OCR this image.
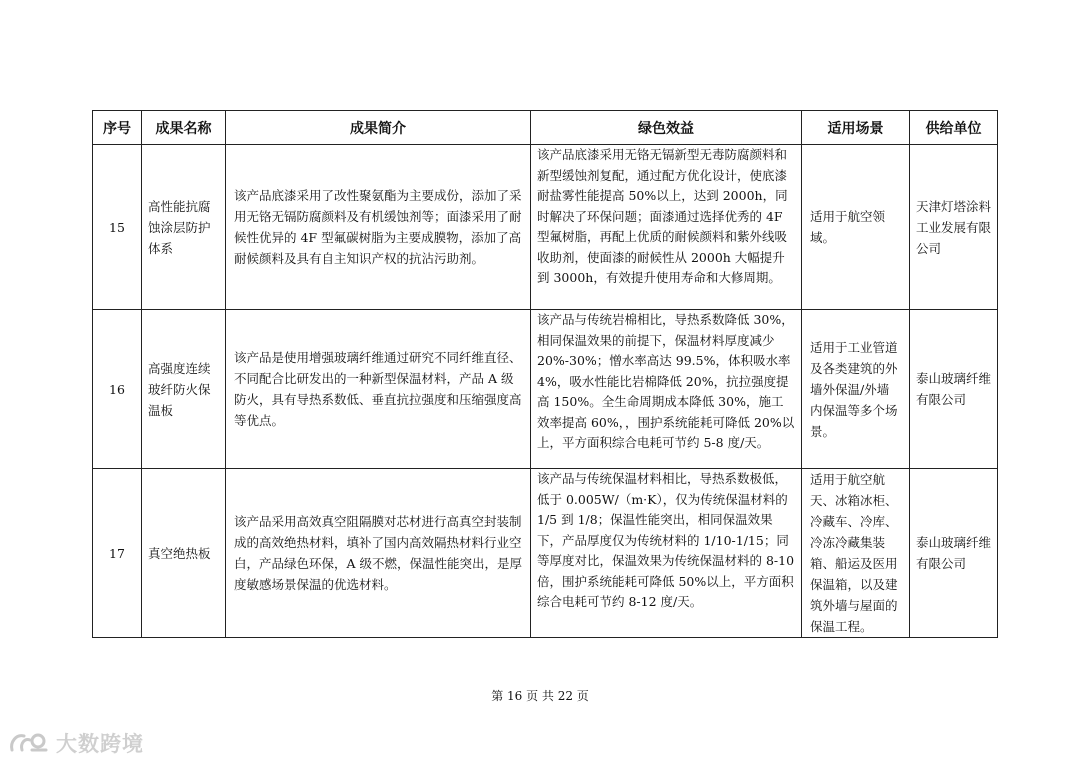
序号	成果名称	成果简介	绿色效益	适用场景	供给单位
15	高性能抗腐蚀涂层防护体系	该产品底漆采用了改性聚氨酯为主要成份，添加了采用无铬无镉防腐颜料及有机缓蚀剂等；面漆采用了耐候性优异的 4F 型氟碳树脂为主要成膜物，添加了高耐候颜料及具有自主知识产权的抗沾污助剂。	该产品底漆采用无铬无镉新型无毒防腐颜料和新型缓蚀剂复配，通过配方优化设计，使底漆耐盐雾性能提高 50%以上，达到 2000h，同时解决了环保问题；面漆通过选择优秀的 4F 型氟树脂，再配上优质的耐候颜料和紫外线吸收助剂，使面漆的耐候性从 2000h 大幅提升到 3000h，有效提升使用寿命和大修周期。	适用于航空领域。	天津灯塔涂料工业发展有限公司
16	高强度连续玻纤防火保温板	该产品是使用增强玻璃纤维通过研究不同纤维直径、不同配合比研发出的一种新型保温材料，产品 A 级防火，具有导热系数低、垂直抗拉强度和压缩强度高等优点。	该产品与传统岩棉相比，导热系数降低 30%，相同保温效果的前提下，保温材料厚度减少 20%-30%；憎水率高达 99.5%，体积吸水率 4%，吸水性能比岩棉降低 20%，抗拉强度提高 150%。全生命周期成本降低 30%，施工效率提高 60%，，围护系统能耗可降低 20%以上，平方面积综合电耗可节约 5-8 度/天。	适用于工业管道及各类建筑的外墙外保温/外墙内保温等多个场景。	泰山玻璃纤维有限公司
17	真空绝热板	该产品采用高效真空阻隔膜对芯材进行高真空封装制成的高效绝热材料，填补了国内高效隔热材料行业空白，产品绿色环保，A 级不燃，保温性能突出，是厚度敏感场景保温的优选材料。	该产品与传统保温材料相比，导热系数极低，低于 0.005W/（m·K），仅为传统保温材料的 1/5 到 1/8；保温性能突出，相同保温效果下，产品厚度仅为传统材料的 1/10-1/15；同等厚度对比，保温效果为传统保温材料的 8-10 倍，围护系统能耗可降低 50%以上，平方面积综合电耗可节约 8-12 度/天。	适用于航空航天、冰箱冰柜、冷藏车、冷库、冷冻冷藏集装箱、船运及医用保温箱，以及建筑外墙与屋面的保温工程。	泰山玻璃纤维有限公司
第 16 页 共 22 页
大数跨境
